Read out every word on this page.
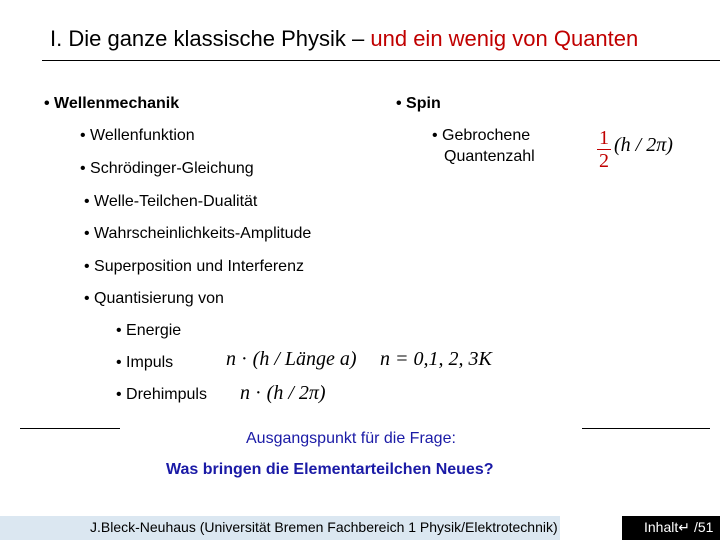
I. Die ganze klassische Physik – und ein wenig von Quanten
• Wellenmechanik
• Wellenfunktion
• Schrödinger-Gleichung
• Welle-Teilchen-Dualität
• Wahrscheinlichkeits-Amplitude
• Superposition und Interferenz
• Quantisierung von
• Energie
• Impuls
• Drehimpuls
n · (h / Länge a) n = 0,1, 2, 3K
n · (h / 2π)
• Spin
• Gebrochene
Quantenzahl
1
2
(h / 2π)
Ausgangspunkt für die Frage:
Was bringen die Elementarteilchen Neues?
J.Bleck-Neuhaus (Universität Bremen Fachbereich 1 Physik/Elektrotechnik)	Inhalt↵ /51
